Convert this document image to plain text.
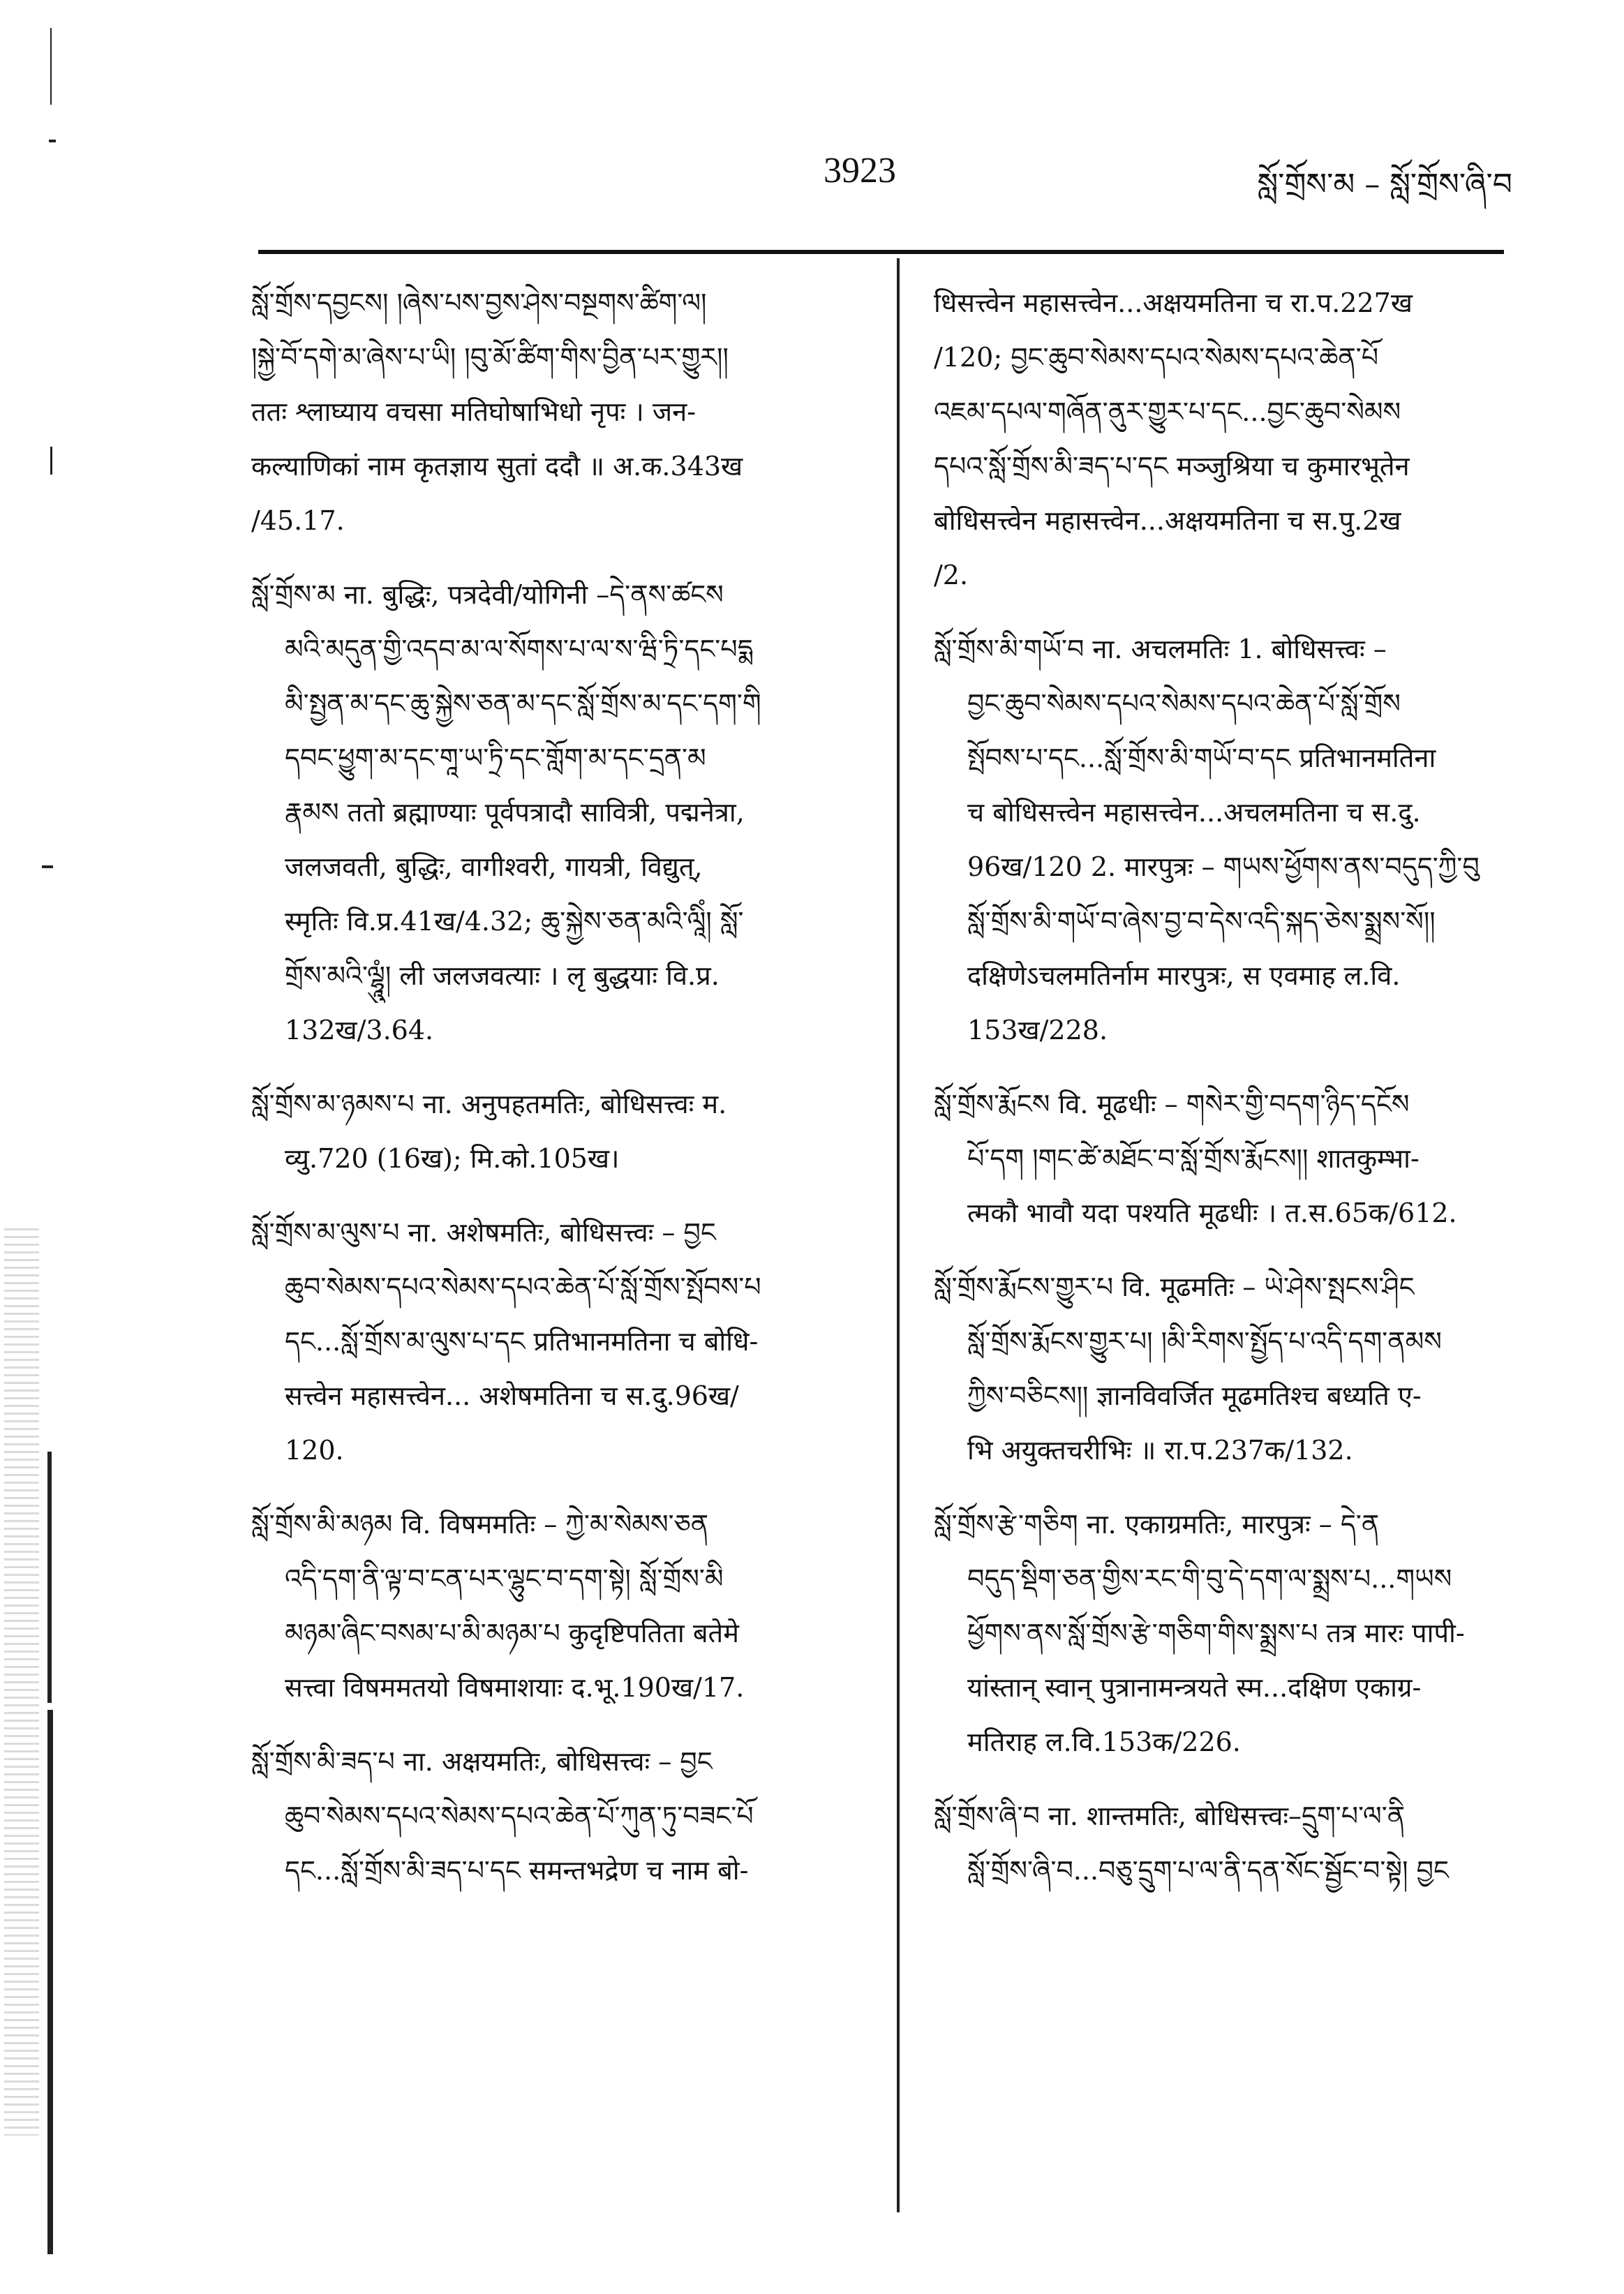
3923	སློ་གྲོས་མ – སློ་གྲོས་ཞི་བ
སློ་གྲོས་དབྱངས། །ཞེས་པས་བྱས་ཤེས་བསྔགས་ཚིག་ལ།
།སྐྱེ་བོ་དགེ་མ་ཞེས་པ་ཡི། །བུ་མོ་ཚིག་གིས་བྱིན་པར་གྱུར།།
ततः श्लाघ्याय वचसा मतिघोषाभिधो नृपः । जन-
कल्याणिकां नाम कृतज्ञाय सुतां ददौ ॥ अ.क.343ख
/45.17.
སློ་གྲོས་མ ना. बुद्धिः, पत्रदेवी/योगिनी –དེ་ནས་ཚངས
མའི་མདུན་གྱི་འདབ་མ་ལ་སོགས་པ་ལ་ས་ཝི་ཏྲི་དང་པདྨ
མི་སྤྱན་མ་དང་ཆུ་སྐྱེས་ཅན་མ་དང་སློ་གྲོས་མ་དང་དག་གི
དབང་ཕྱུག་མ་དང་གཱ་ཡ་ཏྲི་དང་གློག་མ་དང་དྲན་མ
རྣམས ततो ब्रह्माण्याः पूर्वपत्रादौ सावित्री, पद्मनेत्रा,
जलजवती, बुद्धिः, वागीश्वरी, गायत्री, विद्युत्,
स्मृतिः वि.प्र.41ख/4.32; ཆུ་སྐྱེས་ཅན་མའི་ལཱིཾ། སློ་
གྲོས་མའི་ལྷཱུཾ། ली जलजवत्याः । लृ बुद्धयाः वि.प्र.
132ख/3.64.
སློ་གྲོས་མ་ཉམས་པ ना. अनुपहतमतिः, बोधिसत्त्वः म.
व्यु.720 (16ख); मि.को.105ख।
སློ་གྲོས་མ་ལུས་པ ना. अशेषमतिः, बोधिसत्त्वः – བྱང
ཆུབ་སེམས་དཔའ་སེམས་དཔའ་ཆེན་པོ་སློ་གྲོས་སྤོབས་པ
དང...སློ་གྲོས་མ་ལུས་པ་དང प्रतिभानमतिना च बोधि-
सत्त्वेन महासत्त्वेन... अशेषमतिना च स.दु.96ख/
120.
སློ་གྲོས་མི་མཉམ वि. विषममतिः – ཀྱེ་མ་སེམས་ཅན
འདི་དག་ནི་ལྟ་བ་ངན་པར་ལྷུང་བ་དག་སྟེ། སློ་གྲོས་མི
མཉམ་ཞིང་བསམ་པ་མི་མཉམ་པ कुदृष्टिपतिता बतेमे
सत्त्वा विषममतयो विषमाशयाः द.भू.190ख/17.
སློ་གྲོས་མི་ཟད་པ ना. अक्षयमतिः, बोधिसत्त्वः – བྱང
ཆུབ་སེམས་དཔའ་སེམས་དཔའ་ཆེན་པོ་ཀུན་ཏུ་བཟང་པོ
དང...སློ་གྲོས་མི་ཟད་པ་དང समन्तभद्रेण च नाम बो-
धिसत्त्वेन महासत्त्वेन...अक्षयमतिना च रा.प.227ख
/120; བྱང་ཆུབ་སེམས་དཔའ་སེམས་དཔའ་ཆེན་པོ
འཇམ་དཔལ་གཞོན་ནུར་གྱུར་པ་དང...བྱང་ཆུབ་སེམས
དཔའ་སློ་གྲོས་མི་ཟད་པ་དང मञ्जुश्रिया च कुमारभूतेन
बोधिसत्त्वेन महासत्त्वेन...अक्षयमतिना च स.पु.2ख
/2.
སློ་གྲོས་མི་གཡོ་བ ना. अचलमतिः 1. बोधिसत्त्वः –
བྱང་ཆུབ་སེམས་དཔའ་སེམས་དཔའ་ཆེན་པོ་སློ་གྲོས
སྤོབས་པ་དང...སློ་གྲོས་མི་གཡོ་བ་དང प्रतिभानमतिना
च बोधिसत्त्वेन महासत्त्वेन...अचलमतिना च स.दु.
96ख/120 2. मारपुत्रः – གཡས་ཕྱོགས་ནས་བདུད་ཀྱི་བུ
སློ་གྲོས་མི་གཡོ་བ་ཞེས་བྱ་བ་དེས་འདི་སྐད་ཅེས་སྨྲས་སོ།།
दक्षिणेऽचलमतिर्नाम मारपुत्रः, स एवमाह ल.वि.
153ख/228.
སློ་གྲོས་རྨོངས वि. मूढधीः – གསེར་གྱི་བདག་ཉིད་དངོས
པོ་དག །གང་ཚེ་མཐོང་བ་སློ་གྲོས་རྨོངས།། शातकुम्भा-
त्मकौ भावौ यदा पश्यति मूढधीः । त.स.65क/612.
སློ་གྲོས་རྨོངས་གྱུར་པ वि. मूढमतिः – ཡེ་ཤེས་སྤངས་ཤིང
སློ་གྲོས་རྨོངས་གྱུར་པ། །མི་རིགས་སྤྱོད་པ་འདི་དག་ནམས
ཀྱིས་བཅིངས།། ज्ञानविवर्जित मूढमतिश्च बध्यति ए-
भि अयुक्तचरीभिः ॥ रा.प.237क/132.
སློ་གྲོས་རྩེ་གཅིག ना. एकाग्रमतिः, मारपुत्रः – དེ་ན
བདུད་སྡིག་ཅན་གྱིས་རང་གི་བུ་དེ་དག་ལ་སྨྲས་པ...གཡས
ཕྱོགས་ནས་སློ་གྲོས་རྩེ་གཅིག་གིས་སྨྲས་པ तत्र मारः पापी-
यांस्तान् स्वान् पुत्रानामन्त्रयते स्म...दक्षिण एकाग्र-
मतिराह ल.वि.153क/226.
སློ་གྲོས་ཞི་བ ना. शान्तमतिः, बोधिसत्त्वः–དྲུག་པ་ལ་ནི
སློ་གྲོས་ཞི་བ...བཅུ་དྲུག་པ་ལ་ནི་དན་སོང་སྦྱོང་བ་སྟེ། བྱང
